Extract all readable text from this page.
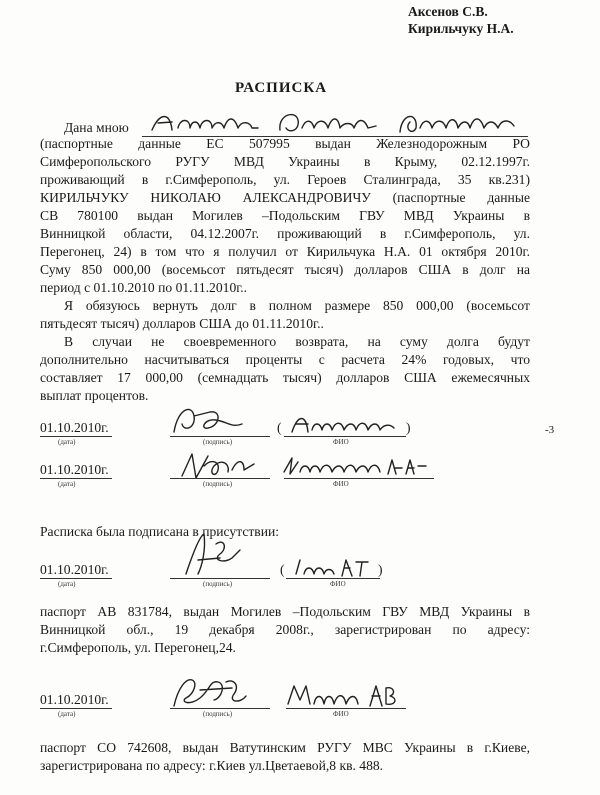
Аксенов С.В.
Кирильчуку Н.А.
РАСПИСКА
Дана мною
(паспортные данные ЕС 507995 выдан Железнодорожным РО
Симферопольского РУГУ МВД Украины в Крыму, 02.12.1997г.
проживающий в г.Симферополь, ул. Героев Сталинграда, 35 кв.231)
КИРИЛЬЧУКУ НИКОЛАЮ АЛЕКСАНДРОВИЧУ (паспортные данные
СВ 780100 выдан Могилев –Подольским ГВУ МВД Украины в
Винницкой области, 04.12.2007г. проживающий в г.Симферополь, ул.
Перегонец, 24) в том что я получил от Кирильчука Н.А. 01 октября 2010г.
Суму 850 000,00 (восемьсот пятьдесят тысяч) долларов США в долг на
период с 01.10.2010 по 01.11.2010г..
Я обязуюсь вернуть долг в полном размере 850 000,00 (восемьсот
пятьдесят тысяч) долларов США до 01.11.2010г..
В случаи не своевременного возврата, на суму долга будут
дополнительно насчитываться проценты с расчета 24% годовых, что
составляет 17 000,00 (семнадцать тысяч) долларов США ежемесячных
выплат процентов.
01.10.2010г.
(дата)	(подпись)
(	)
ФИО
-3
01.10.2010г.
(дата)	(подпись)	ФИО
Расписка была подписана в присутствии:
01.10.2010г.
(дата)	(подпись)
(	)
ФИО
паспорт АВ 831784, выдан Могилев –Подольским ГВУ МВД Украины в
Винницкой обл., 19 декабря 2008г., зарегистрирован по адресу:
г.Симферополь, ул. Перегонец,24.
01.10.2010г.
(дата)	(подпись)	ФИО
паспорт СО 742608, выдан Ватутинским РУГУ МВС Украины в г.Киеве,
зарегистрирована по адресу: г.Киев ул.Цветаевой,8 кв. 488.
